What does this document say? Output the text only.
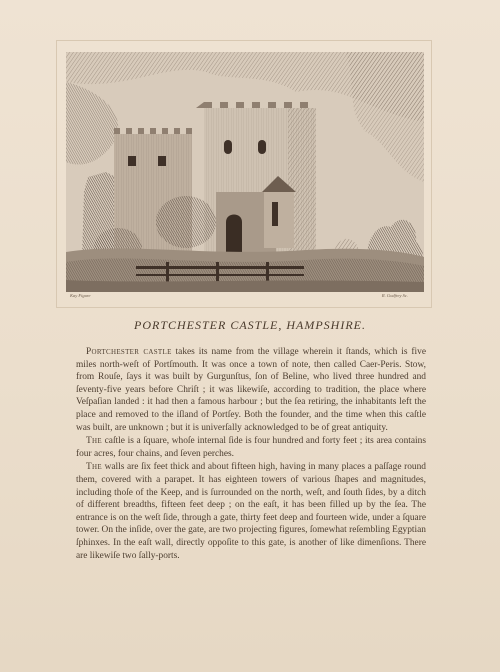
Kay Figure	R. Godfrey Sc.
PORTCHESTER CASTLE, HAMPSHIRE.

Portchester castle takes its name from the village wherein it ſtands, which is five miles north-weſt of Portſmouth. It was once a town of note, then called Caer-Peris. Stow, from Rouſe, ſays it was built by Gurgunſtus, ſon of Beline, who lived three hundred and ſeventy-five years before Chriſt ; it was likewiſe, according to tradition, the place where Veſpaſian landed : it had then a famous harbour ; but the ſea retiring, the inhabitants left the place and removed to the iſland of Portſey. Both the founder, and the time when this caſtle was built, are unknown ; but it is univerſally acknowledged to be of great antiquity.

The caſtle is a ſquare, whoſe internal ſide is four hundred and forty feet ; its area contains four acres, four chains, and ſeven perches.

The walls are ſix feet thick and about fifteen high, having in many places a paſſage round them, covered with a parapet. It has eighteen towers of various ſhapes and magnitudes, including thoſe of the Keep, and is ſurrounded on the north, weſt, and ſouth ſides, by a ditch of different breadths, fifteen feet deep ; on the eaſt, it has been filled up by the ſea. The entrance is on the weſt ſide, through a gate, thirty feet deep and fourteen wide, under a ſquare tower. On the inſide, over the gate, are two projecting figures, ſomewhat reſembling Egyptian ſphinxes. In the eaſt wall, directly oppoſite to this gate, is another of like dimenſions. There are likewiſe two ſally-ports.
